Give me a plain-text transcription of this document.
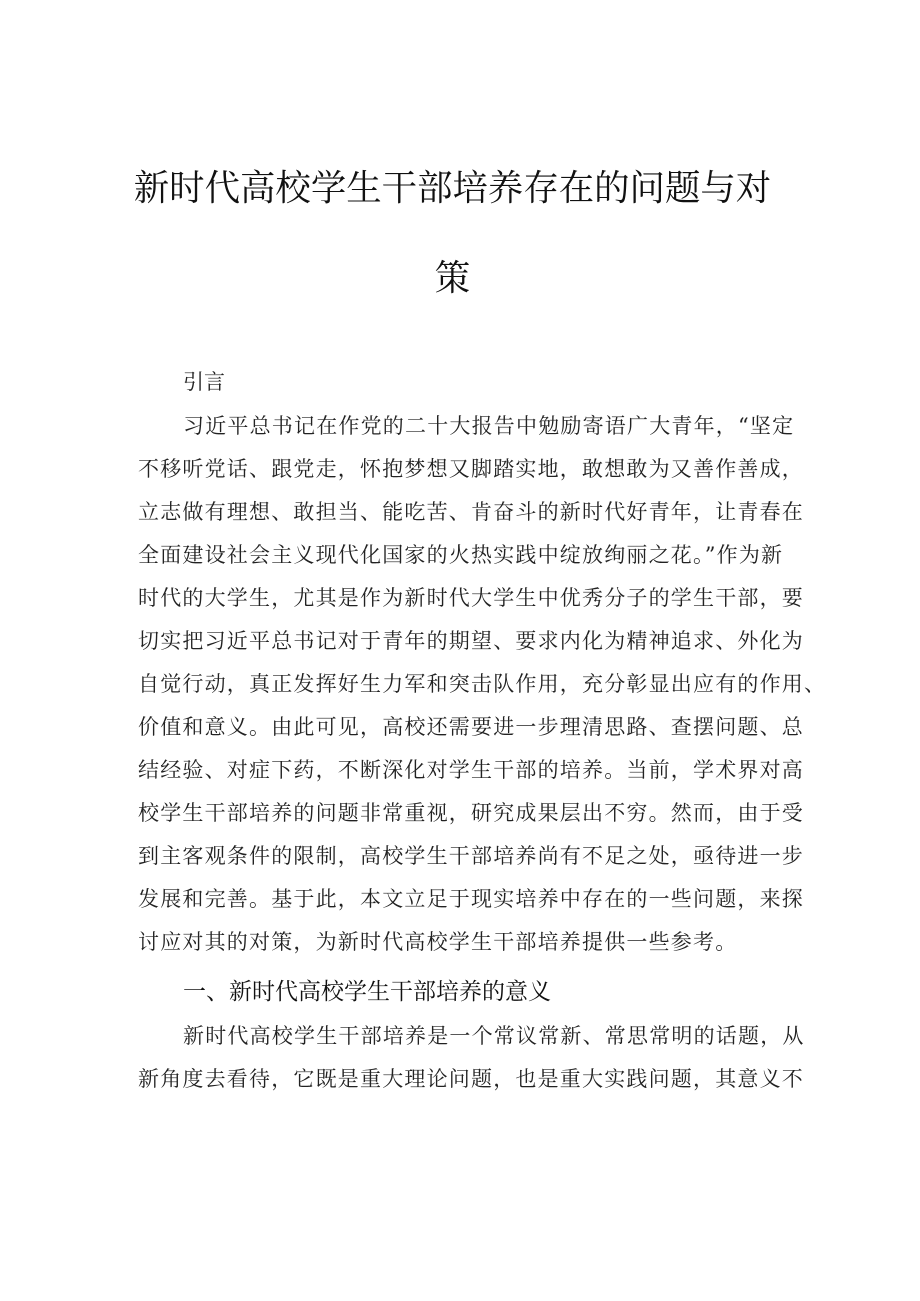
新时代高校学生干部培养存在的问题与对
策
引言
习近平总书记在作党的二十大报告中勉励寄语广大青年，“坚定
不移听党话、跟党走，怀抱梦想又脚踏实地，敢想敢为又善作善成，
立志做有理想、敢担当、能吃苦、肯奋斗的新时代好青年，让青春在
全面建设社会主义现代化国家的火热实践中绽放绚丽之花。”作为新
时代的大学生，尤其是作为新时代大学生中优秀分子的学生干部，要
切实把习近平总书记对于青年的期望、要求内化为精神追求、外化为
自觉行动，真正发挥好生力军和突击队作用，充分彰显出应有的作用、
价值和意义。由此可见，高校还需要进一步理清思路、查摆问题、总
结经验、对症下药，不断深化对学生干部的培养。当前，学术界对高
校学生干部培养的问题非常重视，研究成果层出不穷。然而，由于受
到主客观条件的限制，高校学生干部培养尚有不足之处，亟待进一步
发展和完善。基于此，本文立足于现实培养中存在的一些问题，来探
讨应对其的对策，为新时代高校学生干部培养提供一些参考。
一、新时代高校学生干部培养的意义
新时代高校学生干部培养是一个常议常新、常思常明的话题，从
新角度去看待，它既是重大理论问题，也是重大实践问题，其意义不
